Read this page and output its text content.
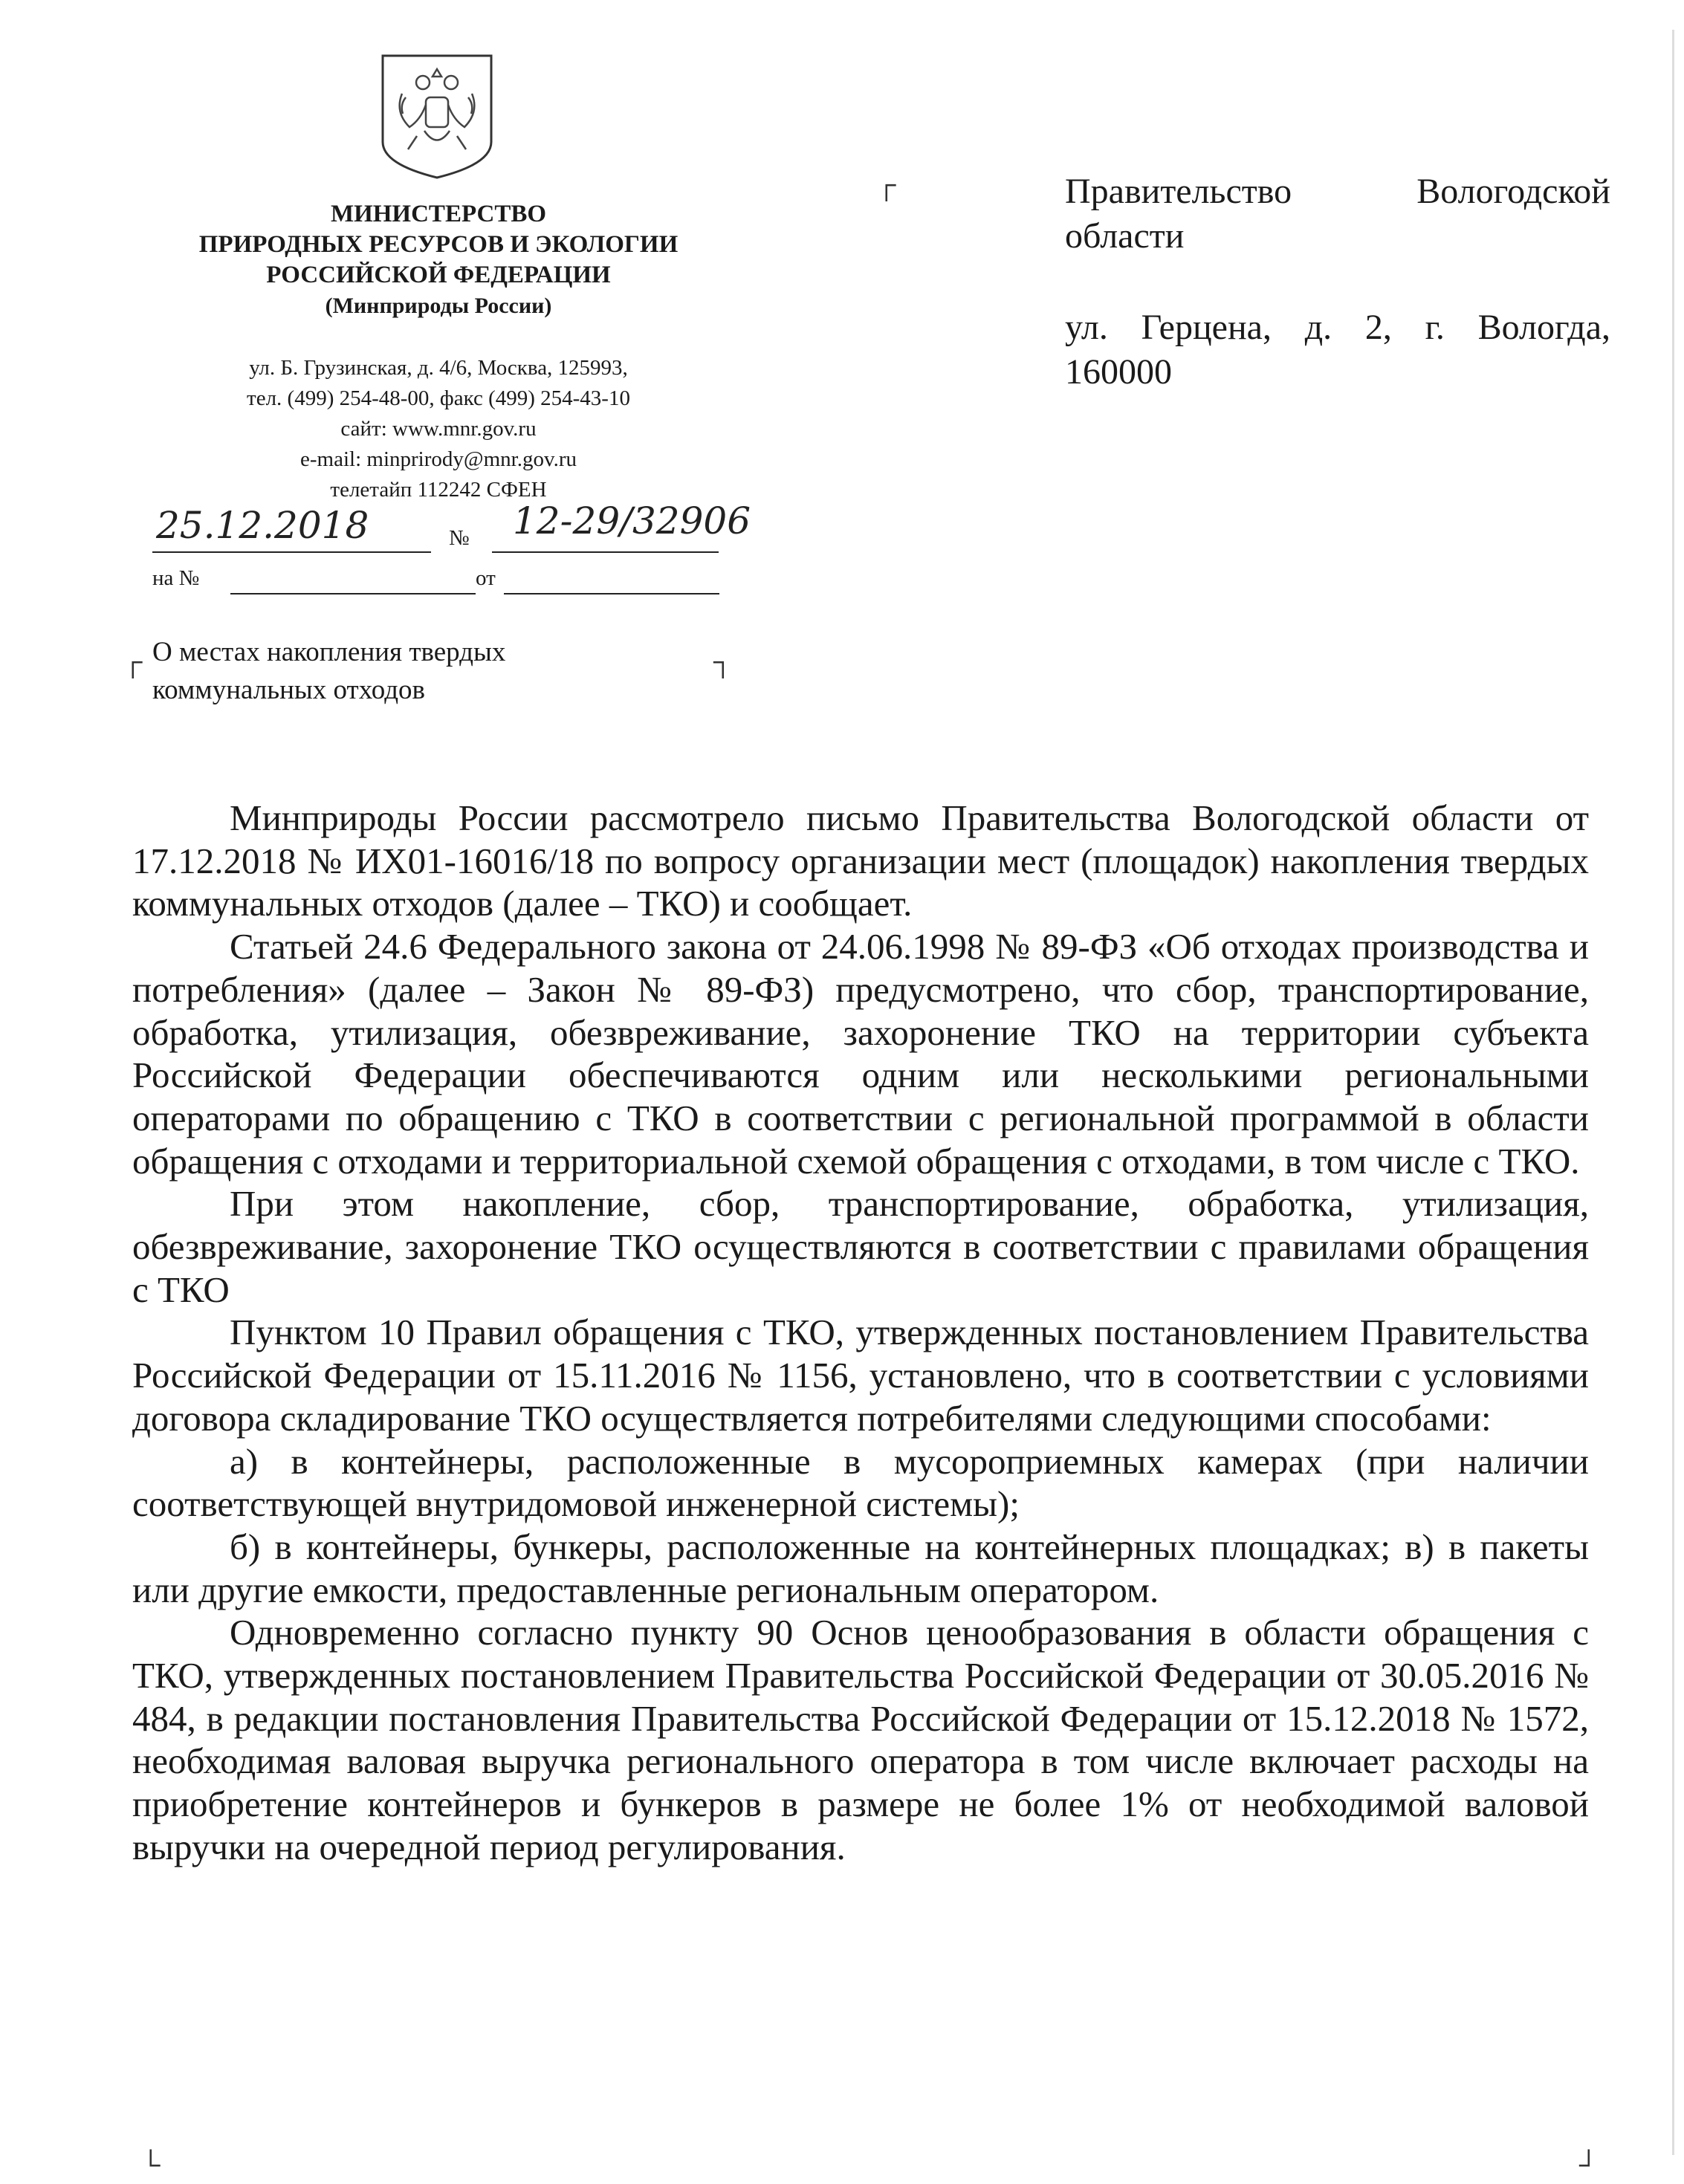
МИНИСТЕРСТВО
ПРИРОДНЫХ РЕСУРСОВ И ЭКОЛОГИИ
РОССИЙСКОЙ ФЕДЕРАЦИИ
(Минприроды России)
ул. Б. Грузинская, д. 4/6, Москва, 125993,
тел. (499) 254-48-00, факс (499) 254-43-10
сайт: www.mnr.gov.ru
e-mail: minprirody@mnr.gov.ru
телетайп 112242 СФЕН
25.12.2018	№ 12-29/32906
на №	от
┌	┐
О местах накопления твердых
коммунальных отходов
┌	Правительство Вологодской

области

ул. Герцена, д. 2, г. Вологда,

160000

Минприроды России рассмотрело письмо Правительства Вологодской области от 17.12.2018 № ИХ01-16016/18 по вопросу организации мест (площадок) накопления твердых коммунальных отходов (далее – ТКО) и сообщает.

Статьей 24.6 Федерального закона от 24.06.1998 № 89-ФЗ «Об отходах производства и потребления» (далее – Закон № 89-ФЗ) предусмотрено, что сбор, транспортирование, обработка, утилизация, обезвреживание, захоронение ТКО на территории субъекта Российской Федерации обеспечиваются одним или несколькими региональными операторами по обращению с ТКО в соответствии с региональной программой в области обращения с отходами и территориальной схемой обращения с отходами, в том числе с ТКО.

При этом накопление, сбор, транспортирование, обработка, утилизация, обезвреживание, захоронение ТКО осуществляются в соответствии с правилами обращения с ТКО

Пунктом 10 Правил обращения с ТКО, утвержденных постановлением Правительства Российской Федерации от 15.11.2016 № 1156, установлено, что в соответствии с условиями договора складирование ТКО осуществляется потребителями следующими способами:

а) в контейнеры, расположенные в мусороприемных камерах (при наличии соответствующей внутридомовой инженерной системы);

б) в контейнеры, бункеры, расположенные на контейнерных площадках; в) в пакеты или другие емкости, предоставленные региональным оператором.

Одновременно согласно пункту 90 Основ ценообразования в области обращения с ТКО, утвержденных постановлением Правительства Российской Федерации от 30.05.2016 № 484, в редакции постановления Правительства Российской Федерации от 15.12.2018 № 1572, необходимая валовая выручка регионального оператора в том числе включает расходы на приобретение контейнеров и бункеров в размере не более 1% от необходимой валовой выручки на очередной период регулирования.

└	┘
